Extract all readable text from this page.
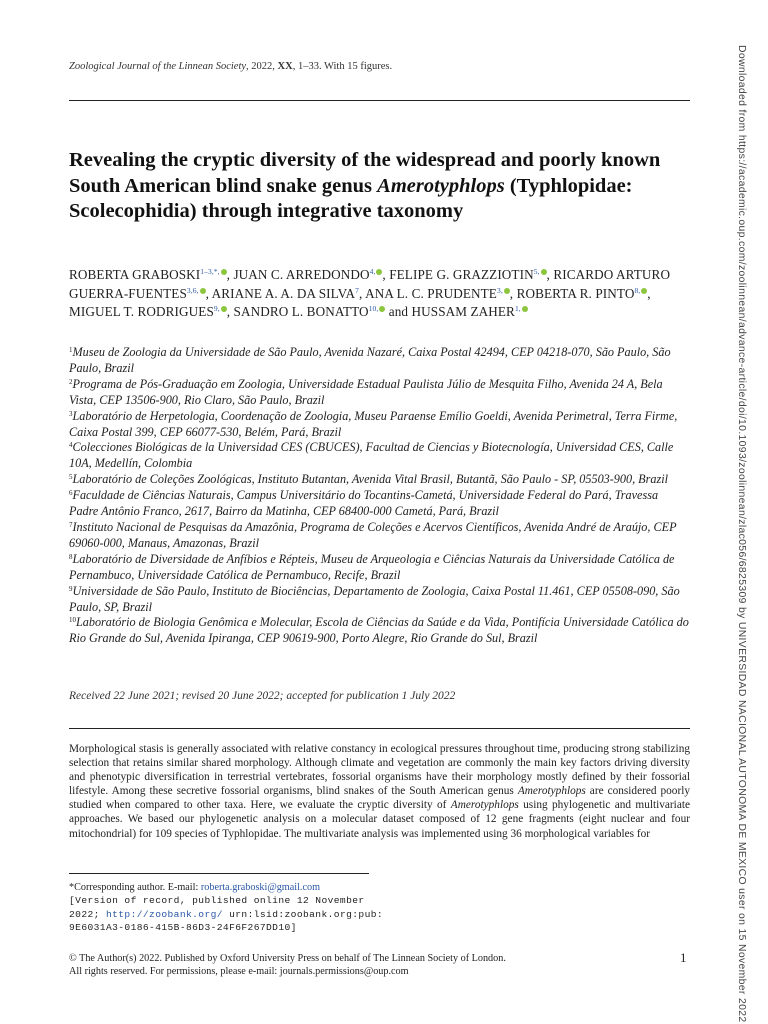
Zoological Journal of the Linnean Society, 2022, XX, 1–33. With 15 figures.
Revealing the cryptic diversity of the widespread and poorly known South American blind snake genus Amerotyphlops (Typhlopidae: Scolecophidia) through integrative taxonomy
ROBERTA $GRABOSKI^{1-3,*,}$ , JUAN C. $ARREDONDO^{4,}$ , FELIPE G. $GRAZZIOTIN^{5,}$ , RICARDO ARTURO GUERRA-$FUENTES^{3,6,}$ , ARIANE A. A. DA SILVA$^7$, ANA L. C. $PRUDENTE^{3,}$ , ROBERTA R. $PINTO^{8,}$ , MIGUEL T. $RODRIGUES^{9,}$ , SANDRO L. $BONATTO^{10,}$ and HUSSAM $ZAHER^{1,}$

$^1$Museu de Zoologia da Universidade de São Paulo, Avenida Nazaré, Caixa Postal 42494, CEP 04218-070, São Paulo, São Paulo, Brazil

$^2$Programa de Pós-Graduação em Zoologia, Universidade Estadual Paulista Júlio de Mesquita Filho, Avenida 24 A, Bela Vista, CEP 13506-900, Rio Claro, São Paulo, Brazil

$^3$Laboratório de Herpetologia, Coordenação de Zoologia, Museu Paraense Emílio Goeldi, Avenida Perimetral, Terra Firme, Caixa Postal 399, CEP 66077-530, Belém, Pará, Brazil

$^4$Colecciones Biológicas de la Universidad CES (CBUCES), Facultad de Ciencias y Biotecnología, Universidad CES, Calle 10A, Medellín, Colombia

$^5$Laboratório de Coleções Zoológicas, Instituto Butantan, Avenida Vital Brasil, Butantã, São Paulo - SP, 05503-900, Brazil

$^6$Faculdade de Ciências Naturais, Campus Universitário do Tocantins-Cametá, Universidade Federal do Pará, Travessa Padre Antônio Franco, 2617, Bairro da Matinha, CEP 68400-000 Cametá, Pará, Brazil

$^7$Instituto Nacional de Pesquisas da Amazônia, Programa de Coleções e Acervos Científicos, Avenida André de Araújo, CEP 69060-000, Manaus, Amazonas, Brazil

$^8$Laboratório de Diversidade de Anfíbios e Répteis, Museu de Arqueologia e Ciências Naturais da Universidade Católica de Pernambuco, Universidade Católica de Pernambuco, Recife, Brazil

$^9$Universidade de São Paulo, Instituto de Biociências, Departamento de Zoologia, Caixa Postal 11.461, CEP 05508-090, São Paulo, SP, Brazil

$^{10}$Laboratório de Biologia Genômica e Molecular, Escola de Ciências da Saúde e da Vida, Pontifícia Universidade Católica do Rio Grande do Sul, Avenida Ipiranga, CEP 90619-900, Porto Alegre, Rio Grande do Sul, Brazil

Received 22 June 2021; revised 20 June 2022; accepted for publication 1 July 2022
Morphological stasis is generally associated with relative constancy in ecological pressures throughout time, producing strong stabilizing selection that retains similar shared morphology. Although climate and vegetation are commonly the main key factors driving diversity and phenotypic diversification in terrestrial vertebrates, fossorial organisms have their morphology mostly defined by their fossorial lifestyle. Among these secretive fossorial organisms, blind snakes of the South American genus Amerotyphlops are considered poorly studied when compared to other taxa. Here, we evaluate the cryptic diversity of Amerotyphlops using phylogenetic and multivariate approaches. We based our phylogenetic analysis on a molecular dataset composed of 12 gene fragments (eight nuclear and four mitochondrial) for 109 species of Typhlopidae. The multivariate analysis was implemented using 36 morphological variables for
*Corresponding author. E-mail: roberta.graboski@gmail.com
[Version of record, published online 12 November
2022; http://zoobank.org/ urn:lsid:zoobank.org:pub:
9E6031A3-0186-415B-86D3-24F6F267DD10]
© The Author(s) 2022. Published by Oxford University Press on behalf of The Linnean Society of London.
All rights reserved. For permissions, please e-mail: journals.permissions@oup.com
1	Downloaded from https://academic.oup.com/zoolinnean/advance-article/doi/10.1093/zoolinnean/zlac056/6825309 by UNIVERSIDAD NACIONAL AUTONOMA DE MEXICO user on 15 November 2022
